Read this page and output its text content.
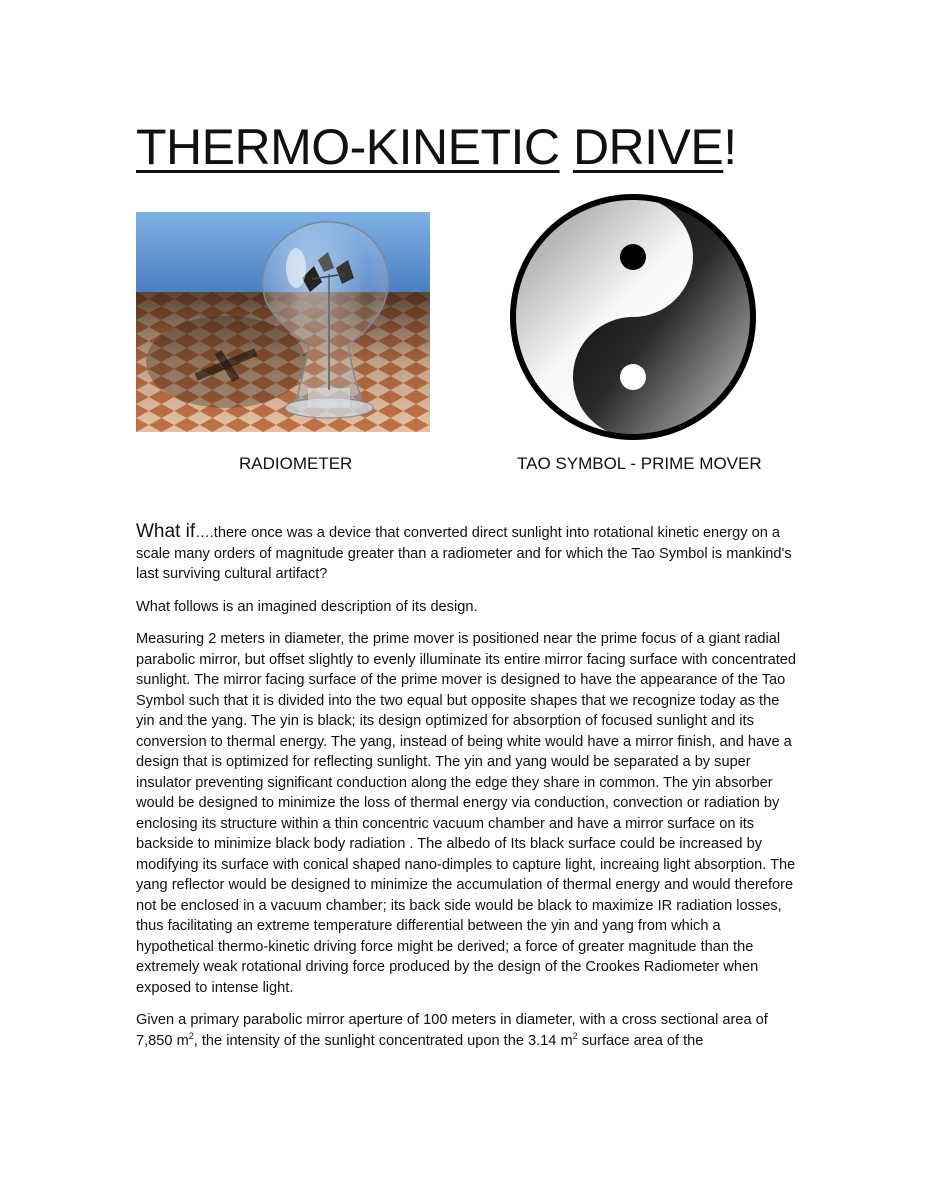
THERMO-KINETIC DRIVE!
RADIOMETER	TAO SYMBOL - PRIME MOVER

What if….there once was a device that converted direct sunlight into rotational kinetic energy on a scale many orders of magnitude greater than a radiometer and for which the Tao Symbol is mankind's last surviving cultural artifact?

What follows is an imagined description of its design.

Measuring 2 meters in diameter, the prime mover is positioned near the prime focus of a giant radial parabolic mirror, but offset slightly to evenly illuminate its entire mirror facing surface with concentrated sunlight. The mirror facing surface of the prime mover is designed to have the appearance of the Tao Symbol such that it is divided into the two equal but opposite shapes that we recognize today as the yin and the yang. The yin is black; its design optimized for absorption of focused sunlight and its conversion to thermal energy. The yang, instead of being white would have a mirror finish, and have a design that is optimized for reflecting sunlight. The yin and yang would be separated a by super insulator preventing significant conduction along the edge they share in common. The yin absorber would be designed to minimize the loss of thermal energy via conduction, convection or radiation by enclosing its structure within a thin concentric vacuum chamber and have a mirror surface on its backside to minimize black body radiation . The albedo of Its black surface could be increased by modifying its surface with conical shaped nano-dimples to capture light, increaing light absorption. The yang reflector would be designed to minimize the accumulation of thermal energy and would therefore not be enclosed in a vacuum chamber; its back side would be black to maximize IR radiation losses, thus facilitating an extreme temperature differential between the yin and yang from which a hypothetical thermo-kinetic driving force might be derived; a force of greater magnitude than the extremely weak rotational driving force produced by the design of the Crookes Radiometer when exposed to intense light.

Given a primary parabolic mirror aperture of 100 meters in diameter, with a cross sectional area of 7,850 $m^2$, the intensity of the sunlight concentrated upon the 3.14 $m^2$ surface area of the
